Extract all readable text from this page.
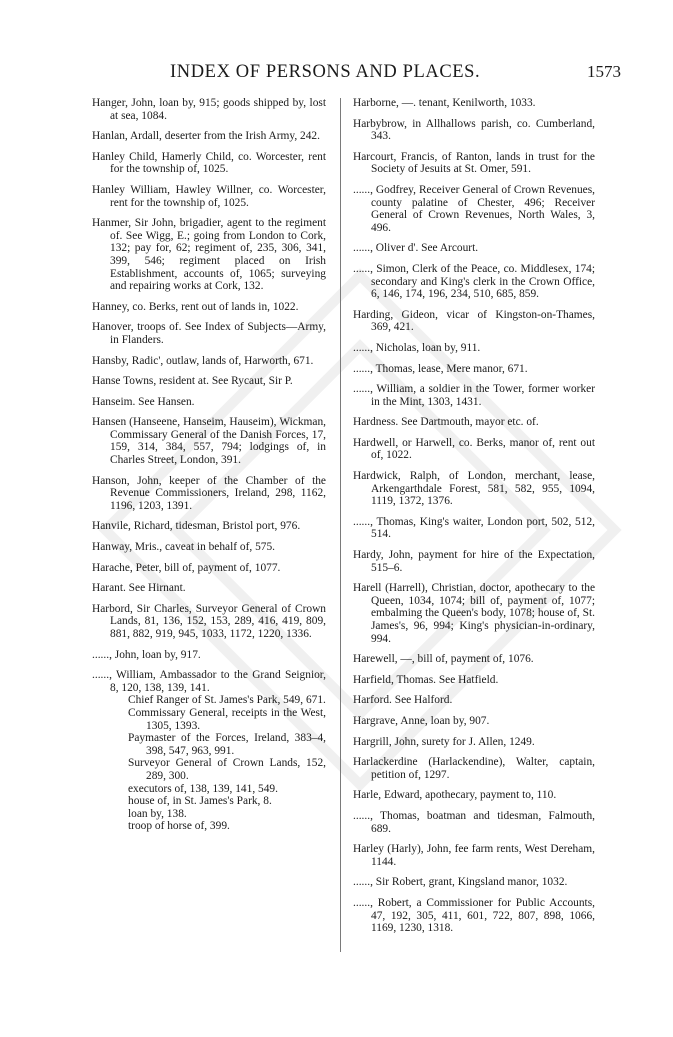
INDEX OF PERSONS AND PLACES.	1573

Hanger, John, loan by, 915; goods shipped by, lost at sea, 1084.

Hanlan, Ardall, deserter from the Irish Army, 242.

Hanley Child, Hamerly Child, co. Worcester, rent for the township of, 1025.

Hanley William, Hawley Willner, co. Worcester, rent for the township of, 1025.

Hanmer, Sir John, brigadier, agent to the regiment of. See Wigg, E.; going from London to Cork, 132; pay for, 62; regiment of, 235, 306, 341, 399, 546; regiment placed on Irish Establishment, accounts of, 1065; surveying and repairing works at Cork, 132.

Hanney, co. Berks, rent out of lands in, 1022.

Hanover, troops of. See Index of Subjects—Army, in Flanders.

Hansby, Radic', outlaw, lands of, Harworth, 671.

Hanse Towns, resident at. See Rycaut, Sir P.

Hanseim. See Hansen.

Hansen (Hanseene, Hanseim, Hauseim), Wickman, Commissary General of the Danish Forces, 17, 159, 314, 384, 557, 794; lodgings of, in Charles Street, London, 391.

Hanson, John, keeper of the Chamber of the Revenue Commissioners, Ireland, 298, 1162, 1196, 1203, 1391.

Hanvile, Richard, tidesman, Bristol port, 976.

Hanway, Mris., caveat in behalf of, 575.

Harache, Peter, bill of, payment of, 1077.

Harant. See Hirnant.

Harbord, Sir Charles, Surveyor General of Crown Lands, 81, 136, 152, 153, 289, 416, 419, 809, 881, 882, 919, 945, 1033, 1172, 1220, 1336.

......, John, loan by, 917.

......, William, Ambassador to the Grand Seignior, 8, 120, 138, 139, 141.

Chief Ranger of St. James's Park, 549, 671.

Commissary General, receipts in the West, 1305, 1393.

Paymaster of the Forces, Ireland, 383–4, 398, 547, 963, 991.

Surveyor General of Crown Lands, 152, 289, 300.

executors of, 138, 139, 141, 549.

house of, in St. James's Park, 8.

loan by, 138.

troop of horse of, 399.

Harborne, —. tenant, Kenilworth, 1033.

Harbybrow, in Allhallows parish, co. Cumberland, 343.

Harcourt, Francis, of Ranton, lands in trust for the Society of Jesuits at St. Omer, 591.

......, Godfrey, Receiver General of Crown Revenues, county palatine of Chester, 496; Receiver General of Crown Revenues, North Wales, 3, 496.

......, Oliver d'. See Arcourt.

......, Simon, Clerk of the Peace, co. Middlesex, 174; secondary and King's clerk in the Crown Office, 6, 146, 174, 196, 234, 510, 685, 859.

Harding, Gideon, vicar of Kingston-on-Thames, 369, 421.

......, Nicholas, loan by, 911.

......, Thomas, lease, Mere manor, 671.

......, William, a soldier in the Tower, former worker in the Mint, 1303, 1431.

Hardness. See Dartmouth, mayor etc. of.

Hardwell, or Harwell, co. Berks, manor of, rent out of, 1022.

Hardwick, Ralph, of London, merchant, lease, Arkengarthdale Forest, 581, 582, 955, 1094, 1119, 1372, 1376.

......, Thomas, King's waiter, London port, 502, 512, 514.

Hardy, John, payment for hire of the Expectation, 515–6.

Harell (Harrell), Christian, doctor, apothecary to the Queen, 1034, 1074; bill of, payment of, 1077; embalming the Queen's body, 1078; house of, St. James's, 96, 994; King's physician-in-ordinary, 994.

Harewell, —, bill of, payment of, 1076.

Harfield, Thomas. See Hatfield.

Harford. See Halford.

Hargrave, Anne, loan by, 907.

Hargrill, John, surety for J. Allen, 1249.

Harlackerdine (Harlackendine), Walter, captain, petition of, 1297.

Harle, Edward, apothecary, payment to, 110.

......, Thomas, boatman and tidesman, Falmouth, 689.

Harley (Harly), John, fee farm rents, West Dereham, 1144.

......, Sir Robert, grant, Kingsland manor, 1032.

......, Robert, a Commissioner for Public Accounts, 47, 192, 305, 411, 601, 722, 807, 898, 1066, 1169, 1230, 1318.
